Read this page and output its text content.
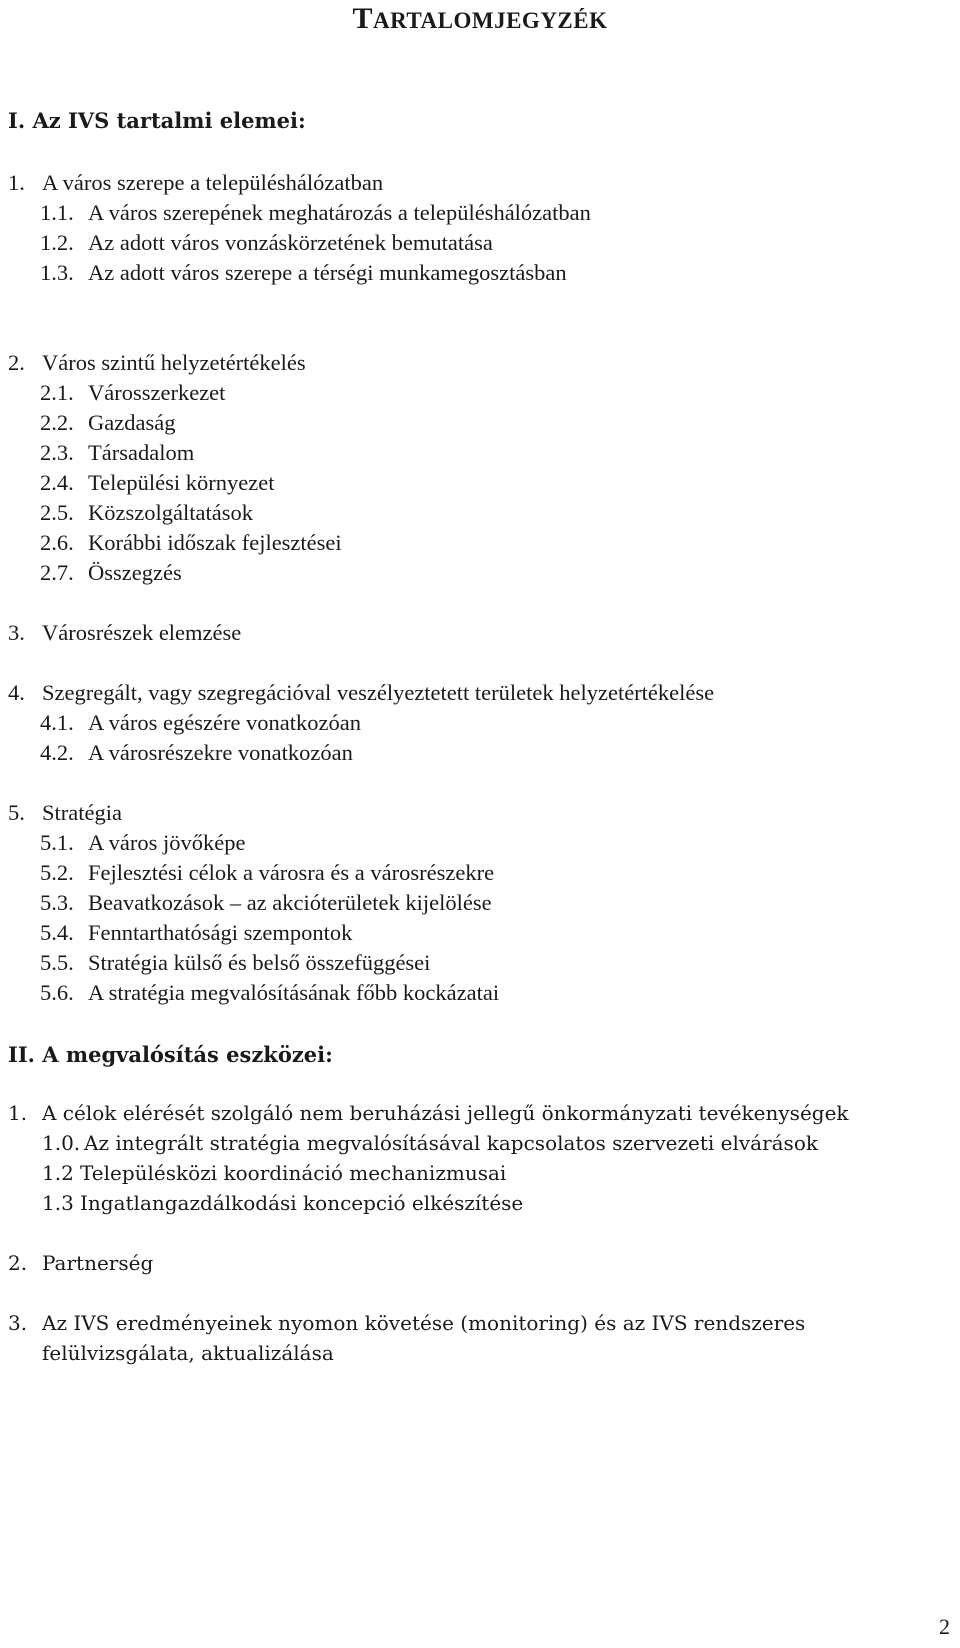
TARTALOMJEGYZÉK
I. Az IVS tartalmi elemei:
1. A város szerepe a településhálózatban
1.1. A város szerepének meghatározás a településhálózatban
1.2. Az adott város vonzáskörzetének bemutatása
1.3. Az adott város szerepe a térségi munkamegosztásban
2. Város szintű helyzetértékelés
2.1. Városszerkezet
2.2. Gazdaság
2.3. Társadalom
2.4. Települési környezet
2.5. Közszolgáltatások
2.6. Korábbi időszak fejlesztései
2.7. Összegzés
3. Városrészek elemzése
4. Szegregált, vagy szegregációval veszélyeztetett területek helyzetértékelése
4.1. A város egészére vonatkozóan
4.2. A városrészekre vonatkozóan
5. Stratégia
5.1. A város jövőképe
5.2. Fejlesztési célok a városra és a városrészekre
5.3. Beavatkozások – az akcióterületek kijelölése
5.4. Fenntarthatósági szempontok
5.5. Stratégia külső és belső összefüggései
5.6. A stratégia megvalósításának főbb kockázatai
II. A megvalósítás eszközei:
1. A célok elérését szolgáló nem beruházási jellegű önkormányzati tevékenységek
1.0. Az integrált stratégia megvalósításával kapcsolatos szervezeti elvárások
1.2 Településközi koordináció mechanizmusai
1.3 Ingatlangazdálkodási koncepció elkészítése
2. Partnerség
3. Az IVS eredményeinek nyomon követése (monitoring) és az IVS rendszeres
felülvizsgálata, aktualizálása
2
